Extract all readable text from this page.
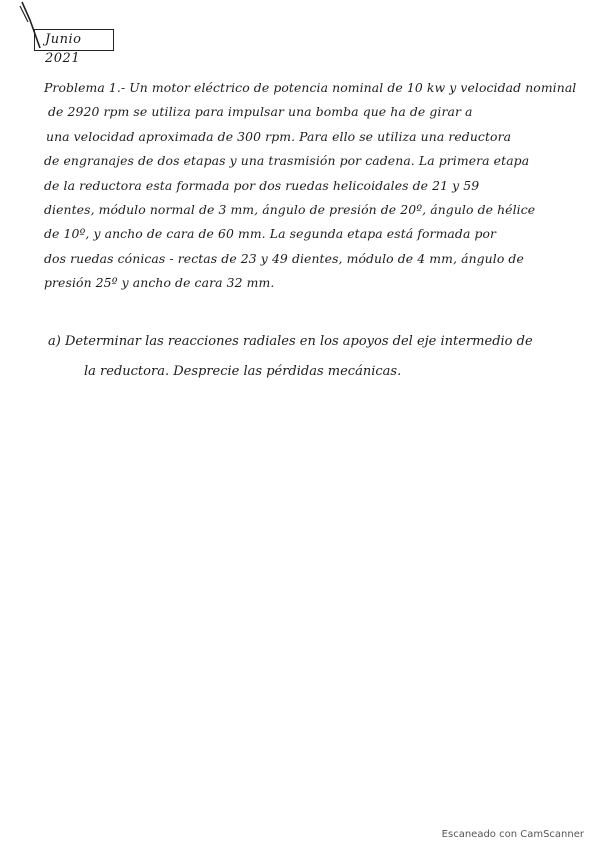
Junio 2021
Problema 1.- Un motor eléctrico de potencia nominal de 10 kw y velocidad nominal
de 2920 rpm se utiliza para impulsar una bomba que ha de girar a
una velocidad aproximada de 300 rpm. Para ello se utiliza una reductora
de engranajes de dos etapas y una trasmisión por cadena. La primera etapa
de la reductora esta formada por dos ruedas helicoidales de 21 y 59
dientes, módulo normal de 3 mm, ángulo de presión de 20º, ángulo de hélice
de 10º, y ancho de cara de 60 mm. La segunda etapa está formada por
dos ruedas cónicas - rectas de 23 y 49 dientes, módulo de 4 mm, ángulo de
presión 25º y ancho de cara 32 mm.
a) Determinar las reacciones radiales en los apoyos del eje intermedio de
la reductora. Desprecie las pérdidas mecánicas.
Escaneado con CamScanner
